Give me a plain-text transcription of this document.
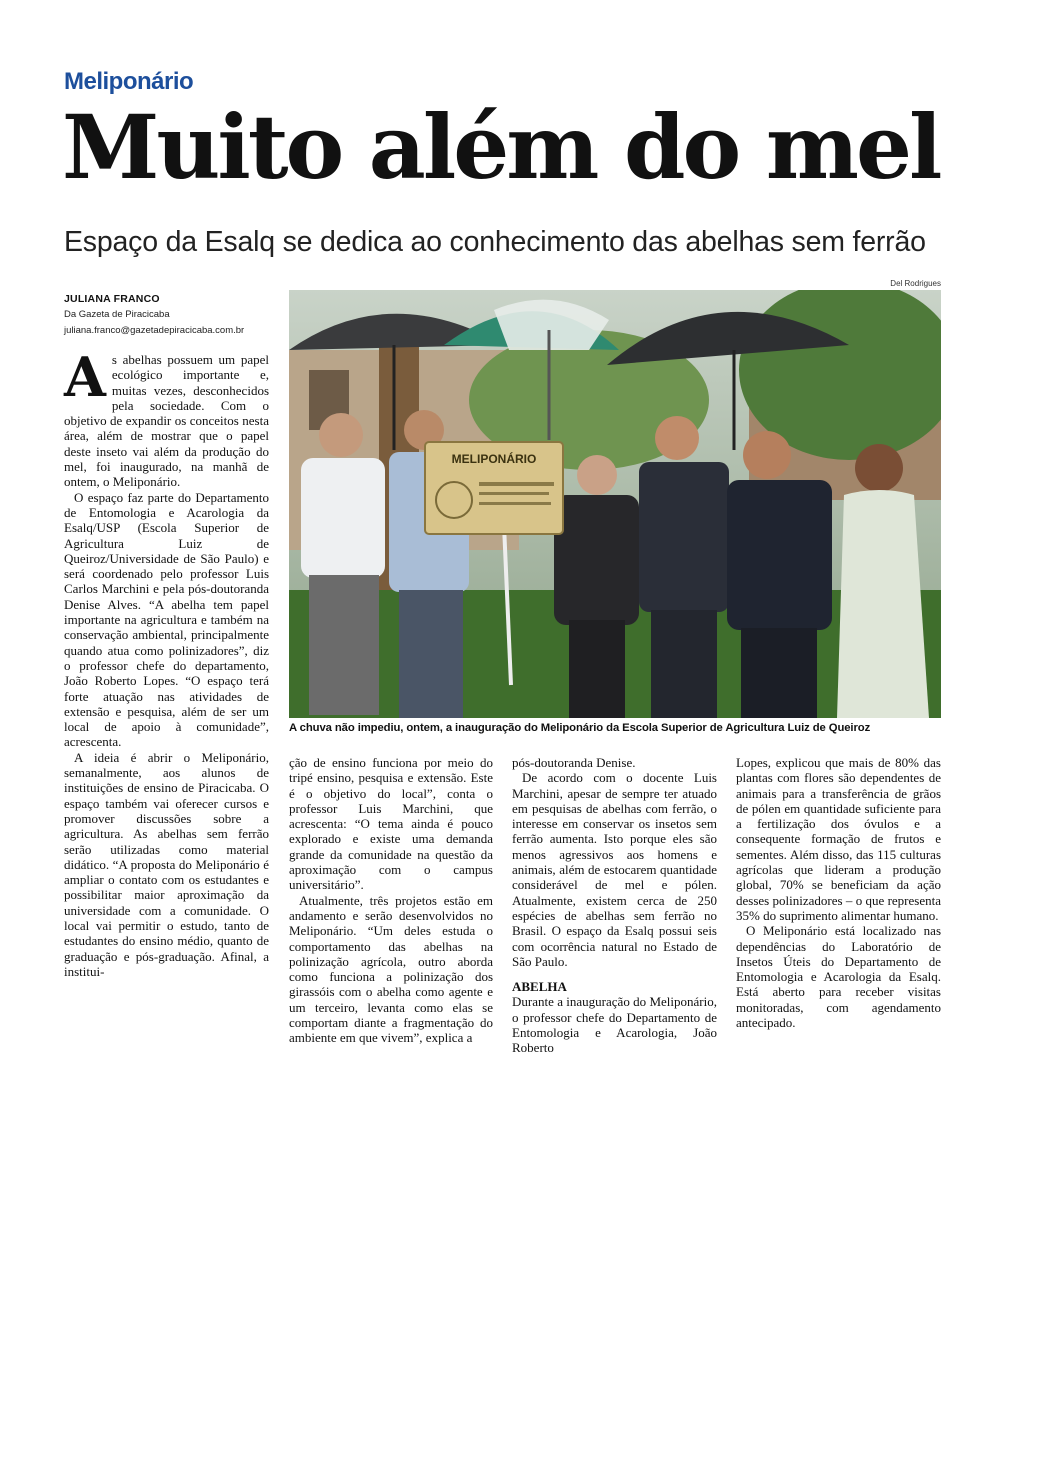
Meliponário
Muito além do mel
Espaço da Esalq se dedica ao conhecimento das abelhas sem ferrão
Del Rodrigues
JULIANA FRANCO
Da Gazeta de Piracicaba
juliana.franco@gazetadepiracicaba.com.br
MELIPONÁRIO
A chuva não impediu, ontem, a inauguração do Meliponário da Escola Superior de Agricultura Luiz de Queiroz

As abelhas possuem um papel ecológico importante e, muitas vezes, desconhecidos pela sociedade. Com o objetivo de expandir os conceitos nesta área, além de mostrar que o papel deste inseto vai além da produção do mel, foi inaugurado, na manhã de ontem, o Meliponário.

O espaço faz parte do Departamento de Entomologia e Acarologia da Esalq/USP (Escola Superior de Agricultura Luiz de Queiroz/Universidade de São Paulo) e será coordenado pelo professor Luis Carlos Marchini e pela pós-doutoranda Denise Alves. “A abelha tem papel importante na agricultura e também na conservação ambiental, principalmente quando atua como polinizadores”, diz o professor chefe do departamento, João Roberto Lopes. “O espaço terá forte atuação nas atividades de extensão e pesquisa, além de ser um local de apoio à comunidade”, acrescenta.

A ideia é abrir o Meliponário, semanalmente, aos alunos de instituições de ensino de Piracicaba. O espaço também vai oferecer cursos e promover discussões sobre a agricultura. As abelhas sem ferrão serão utilizadas como material didático. “A proposta do Meliponário é ampliar o contato com os estudantes e possibilitar maior aproximação da universidade com a comunidade. O local vai permitir o estudo, tanto de estudantes do ensino médio, quanto de graduação e pós-graduação. Afinal, a institui-

ção de ensino funciona por meio do tripé ensino, pesquisa e extensão. Este é o objetivo do local”, conta o professor Luis Marchini, que acrescenta: “O tema ainda é pouco explorado e existe uma demanda grande da comunidade na questão da aproximação com o campus universitário”.

Atualmente, três projetos estão em andamento e serão desenvolvidos no Meliponário. “Um deles estuda o comportamento das abelhas na polinização agrícola, outro aborda como funciona a polinização dos girassóis com o abelha como agente e um terceiro, levanta como elas se comportam diante a fragmentação do ambiente em que vivem”, explica a

pós-doutoranda Denise.

De acordo com o docente Luis Marchini, apesar de sempre ter atuado em pesquisas de abelhas com ferrão, o interesse em conservar os insetos sem ferrão aumenta. Isto porque eles são menos agressivos aos homens e animais, além de estocarem quantidade considerável de mel e pólen. Atualmente, existem cerca de 250 espécies de abelhas sem ferrão no Brasil. O espaço da Esalq possui seis com ocorrência natural no Estado de São Paulo.

ABELHA

Durante a inauguração do Meliponário, o professor chefe do Departamento de Entomologia e Acarologia, João Roberto

Lopes, explicou que mais de 80% das plantas com flores são dependentes de animais para a transferência de grãos de pólen em quantidade suficiente para a fertilização dos óvulos e a consequente formação de frutos e sementes. Além disso, das 115 culturas agrícolas que lideram a produção global, 70% se beneficiam da ação desses polinizadores – o que representa 35% do suprimento alimentar humano.

O Meliponário está localizado nas dependências do Laboratório de Insetos Úteis do Departamento de Entomologia e Acarologia da Esalq. Está aberto para receber visitas monitoradas, com agendamento antecipado.
